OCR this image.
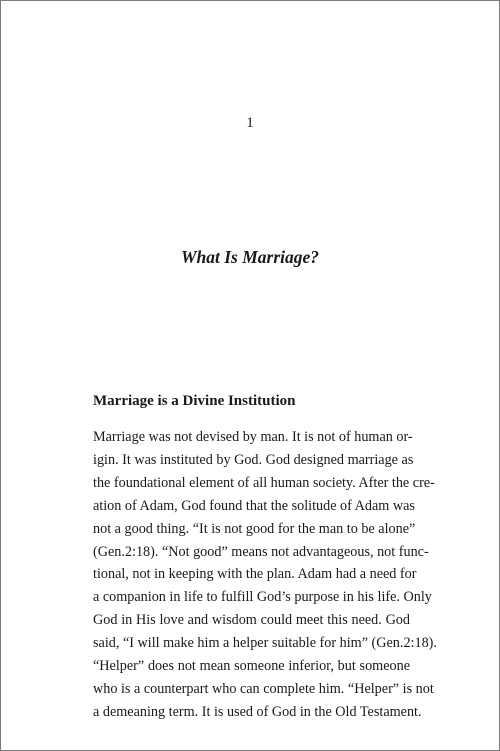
1
What Is Marriage?
Marriage is a Divine Institution
Marriage was not devised by man. It is not of human or-
igin. It was instituted by God. God designed marriage as
the foundational element of all human society. After the cre-
ation of Adam, God found that the solitude of Adam was
not a good thing. “It is not good for the man to be alone”
(Gen.2:18). “Not good” means not advantageous, not func-
tional, not in keeping with the plan. Adam had a need for
a companion in life to fulfill God’s purpose in his life. Only
God in His love and wisdom could meet this need. God
said, “I will make him a helper suitable for him” (Gen.2:18).
“Helper” does not mean someone inferior, but someone
who is a counterpart who can complete him. “Helper” is not
a demeaning term. It is used of God in the Old Testament.
